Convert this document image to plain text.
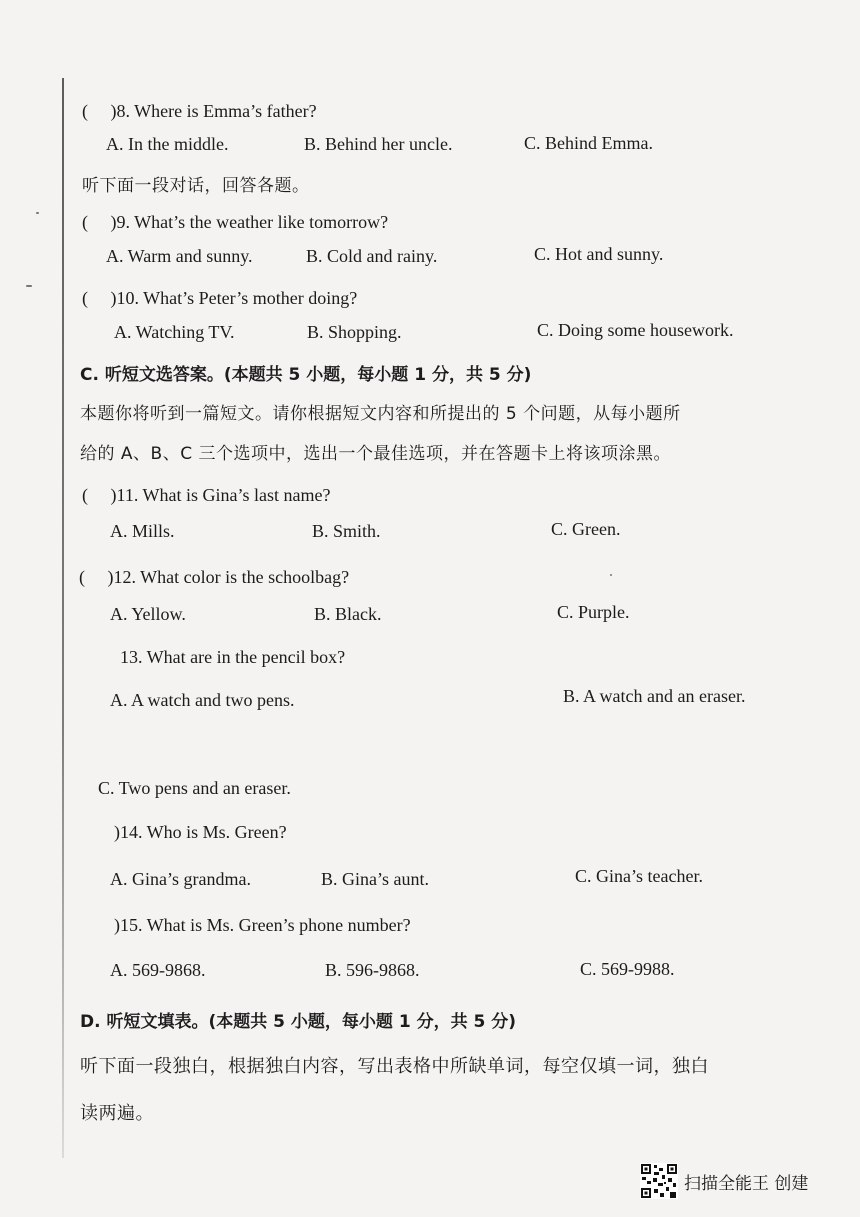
(　 )8. Where is Emma’s father?
A. In the middle.	B. Behind her uncle.	C. Behind Emma.
听下面一段对话，回答各题。
(　 )9. What’s the weather like tomorrow?
A. Warm and sunny.	B. Cold and rainy.	C. Hot and sunny.
(　 )10. What’s Peter’s mother doing?
A. Watching TV.	B. Shopping.	C. Doing some housework.
C. 听短文选答案。(本题共 5 小题，每小题 1 分，共 5 分)
本题你将听到一篇短文。请你根据短文内容和所提出的 5 个问题，从每小题所
给的 A、B、C 三个选项中，选出一个最佳选项，并在答题卡上将该项涂黑。
(　 )11. What is Gina’s last name?
A. Mills.	B. Smith.	C. Green.
(　 )12. What color is the schoolbag?
A. Yellow.	B. Black.	C. Purple.
13. What are in the pencil box?
A. A watch and two pens.	B. A watch and an eraser.
C. Two pens and an eraser.
)14. Who is Ms. Green?
A. Gina’s grandma.	B. Gina’s aunt.	C. Gina’s teacher.
)15. What is Ms. Green’s phone number?
A. 569-9868.	B. 596-9868.	C. 569-9988.
D. 听短文填表。(本题共 5 小题，每小题 1 分，共 5 分)
听下面一段独白，根据独白内容，写出表格中所缺单词，每空仅填一词，独白
读两遍。
扫描全能王 创建
